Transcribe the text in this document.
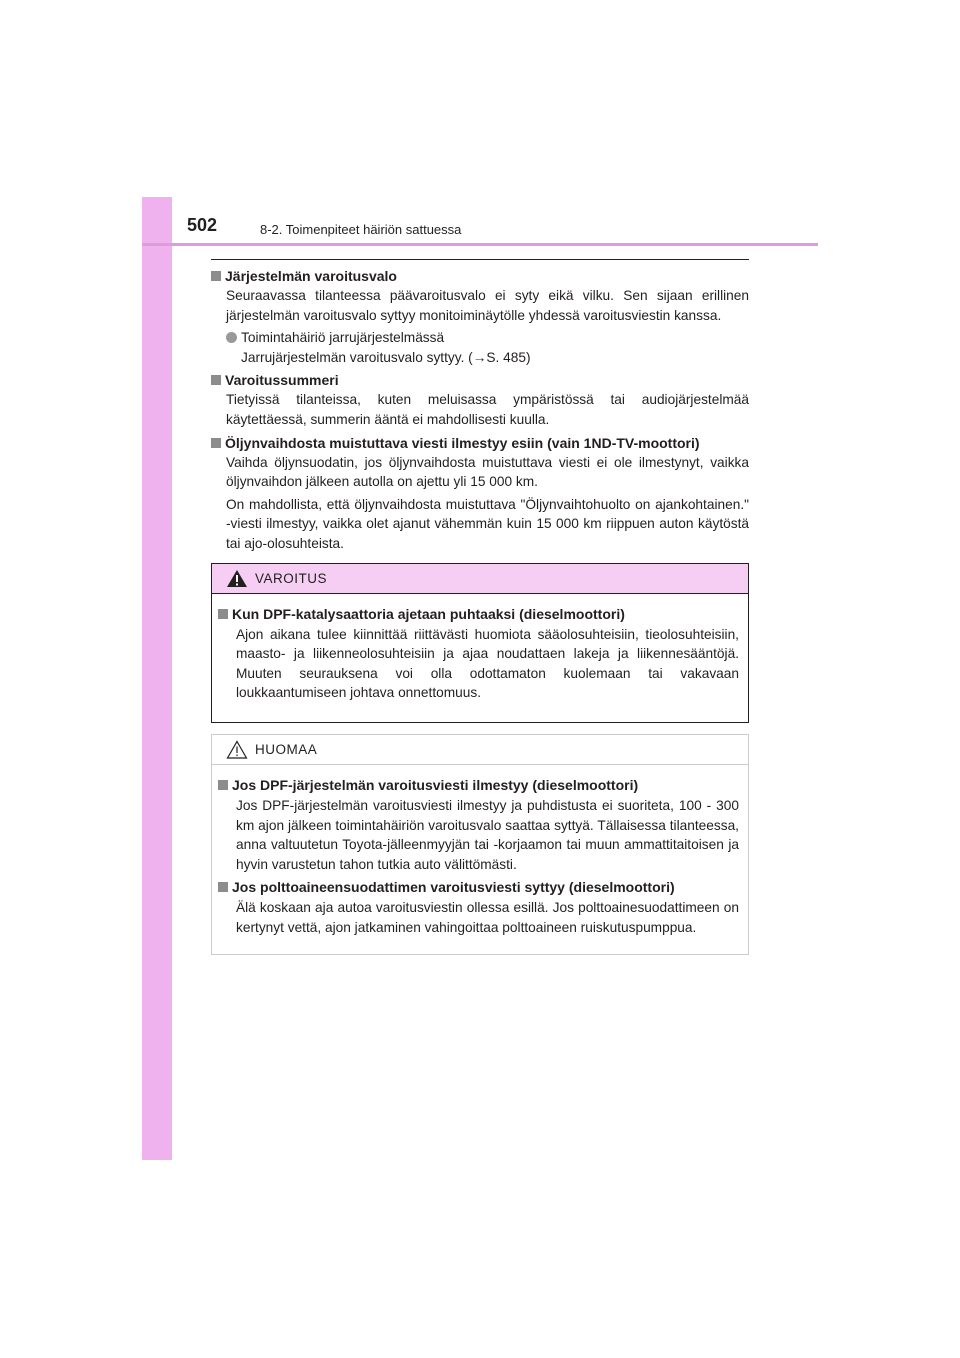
502	8-2. Toimenpiteet häiriön sattuessa
Järjestelmän varoitusvalo

Seuraavassa tilanteessa päävaroitusvalo ei syty eikä vilku. Sen sijaan erillinen järjestelmän varoitusvalo syttyy monitoiminäytölle yhdessä varoitusviestin kanssa.

Toimintahäiriö jarrujärjestelmässä
Jarrujärjestelmän varoitusvalo syttyy. (→S. 485)
Varoitussummeri

Tietyissä tilanteissa, kuten meluisassa ympäristössä tai audiojärjestelmää käytettäessä, summerin ääntä ei mahdollisesti kuulla.

Öljynvaihdosta muistuttava viesti ilmestyy esiin (vain 1ND-TV-moottori)

Vaihda öljynsuodatin, jos öljynvaihdosta muistuttava viesti ei ole ilmestynyt, vaikka öljynvaihdon jälkeen autolla on ajettu yli 15 000 km.

On mahdollista, että öljynvaihdosta muistuttava "Öljynvaihtohuolto on ajankohtainen." -viesti ilmestyy, vaikka olet ajanut vähemmän kuin 15 000 km riippuen auton käytöstä tai ajo-olosuhteista.

VAROITUS
Kun DPF-katalysaattoria ajetaan puhtaaksi (dieselmoottori)

Ajon aikana tulee kiinnittää riittävästi huomiota sääolosuhteisiin, tieolosuhteisiin, maasto- ja liikenneolosuhteisiin ja ajaa noudattaen lakeja ja liikennesääntöjä. Muuten seurauksena voi olla odottamaton kuolemaan tai vakavaan loukkaantumiseen johtava onnettomuus.

HUOMAA
Jos DPF-järjestelmän varoitusviesti ilmestyy (dieselmoottori)

Jos DPF-järjestelmän varoitusviesti ilmestyy ja puhdistusta ei suoriteta, 100 - 300 km ajon jälkeen toimintahäiriön varoitusvalo saattaa syttyä. Tällaisessa tilanteessa, anna valtuutetun Toyota-jälleenmyyjän tai -korjaamon tai muun ammattitaitoisen ja hyvin varustetun tahon tutkia auto välittömästi.

Jos polttoaineensuodattimen varoitusviesti syttyy (dieselmoottori)

Älä koskaan aja autoa varoitusviestin ollessa esillä. Jos polttoainesuodattimeen on kertynyt vettä, ajon jatkaminen vahingoittaa polttoaineen ruiskutuspumppua.
